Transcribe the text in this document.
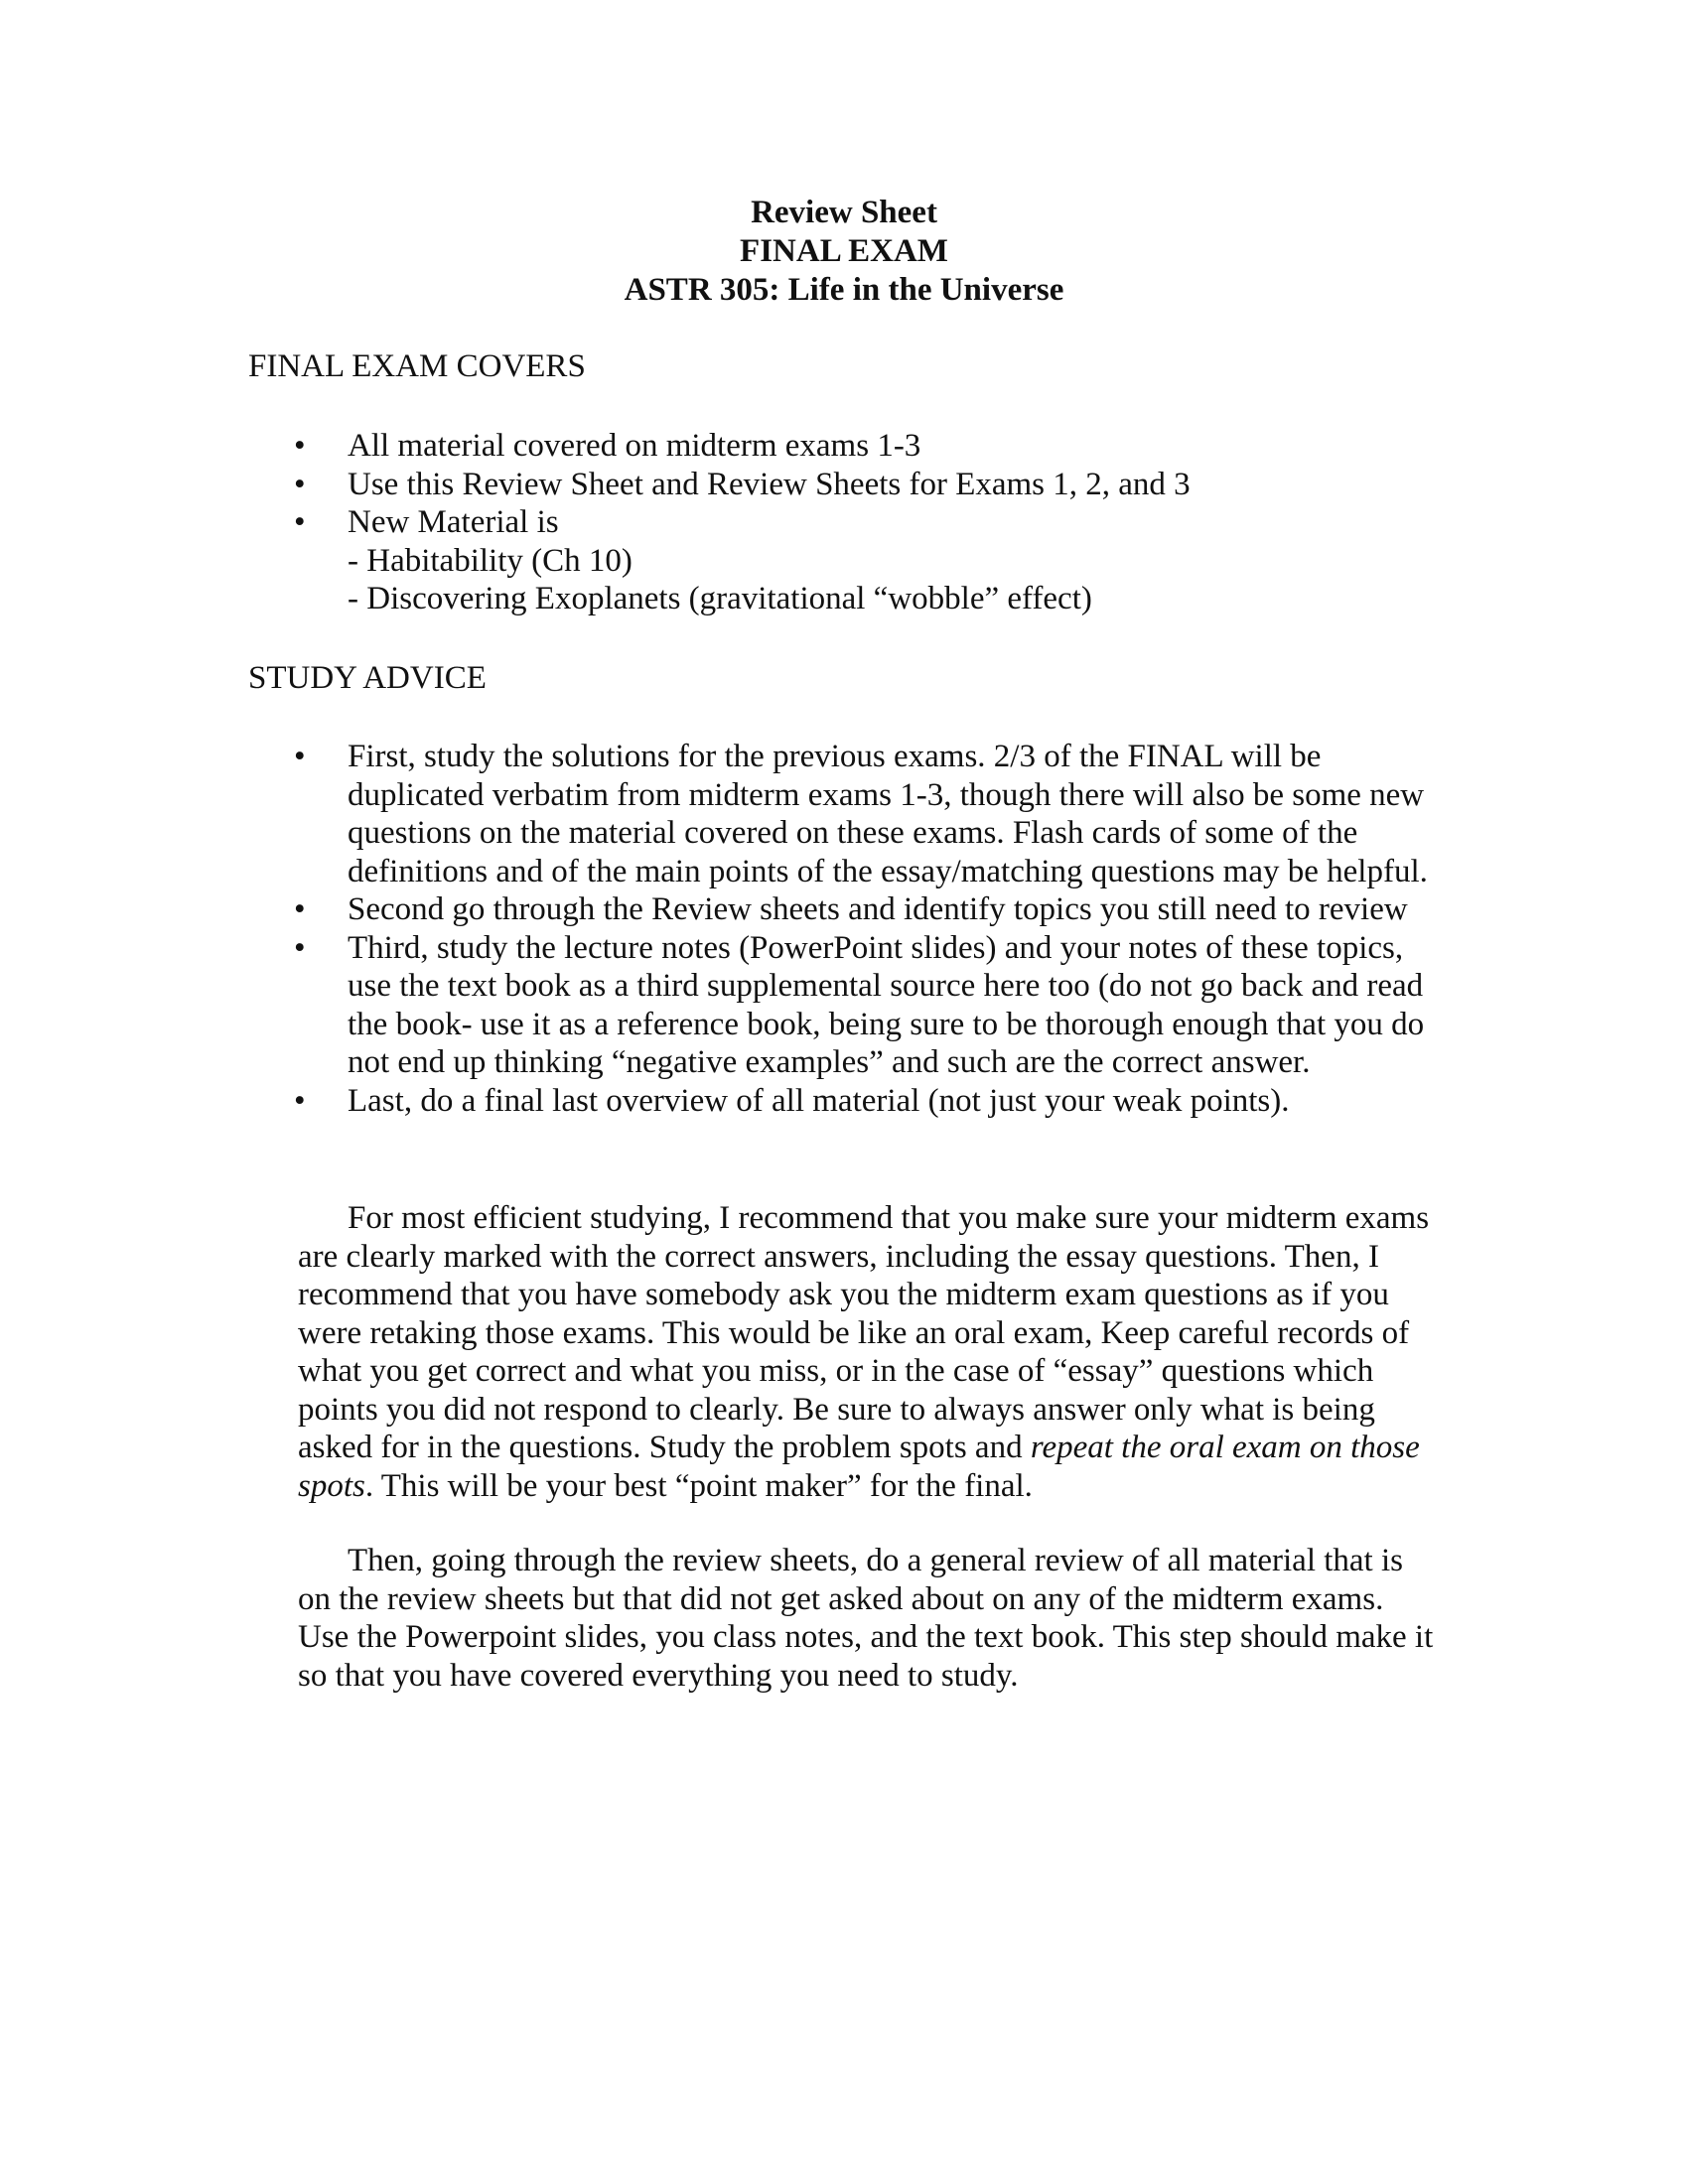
Review Sheet
FINAL EXAM
ASTR 305: Life in the Universe
FINAL EXAM COVERS
• All material covered on midterm exams 1-3
• Use this Review Sheet and Review Sheets for Exams 1, 2, and 3
• New Material is
- Habitability (Ch 10)
- Discovering Exoplanets (gravitational “wobble” effect)
STUDY ADVICE
• First, study the solutions for the previous exams. 2/3 of the FINAL will be duplicated verbatim from midterm exams 1-3, though there will also be some new questions on the material covered on these exams. Flash cards of some of the definitions and of the main points of the essay/matching questions may be helpful.
• Second go through the Review sheets and identify topics you still need to review
• Third, study the lecture notes (PowerPoint slides) and your notes of these topics, use the text book as a third supplemental source here too (do not go back and read the book- use it as a reference book, being sure to be thorough enough that you do not end up thinking “negative examples” and such are the correct answer.
• Last, do a final last overview of all material (not just your weak points).

For most efficient studying, I recommend that you make sure your midterm exams are clearly marked with the correct answers, including the essay questions. Then, I recommend that you have somebody ask you the midterm exam questions as if you were retaking those exams. This would be like an oral exam, Keep careful records of what you get correct and what you miss, or in the case of “essay” questions which points you did not respond to clearly. Be sure to always answer only what is being asked for in the questions. Study the problem spots and repeat the oral exam on those spots. This will be your best “point maker” for the final.

Then, going through the review sheets, do a general review of all material that is on the review sheets but that did not get asked about on any of the midterm exams. Use the Powerpoint slides, you class notes, and the text book. This step should make it so that you have covered everything you need to study.
